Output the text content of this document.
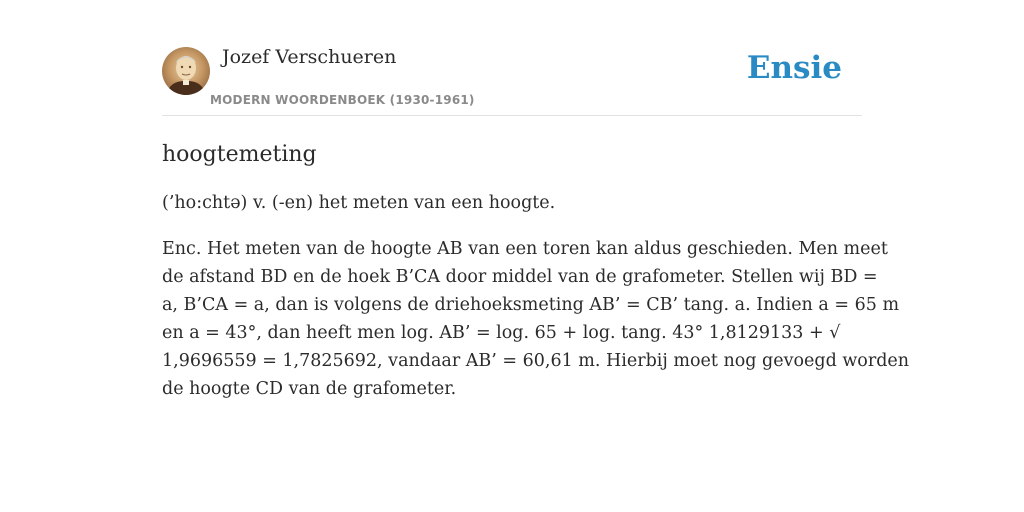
Jozef Verschueren
MODERN WOORDENBOEK (1930-1961)
Ensie
hoogtemeting

(’ho:chtə) v. (-en) het meten van een hoogte.

Enc. Het meten van de hoogte AB van een toren kan aldus geschieden. Men meet
de afstand BD en de hoek B’CA door middel van de grafometer. Stellen wij BD =
a, B’CA = a, dan is volgens de driehoeksmeting AB’ = CB’ tang. a. Indien a = 65 m
en a = 43°, dan heeft men log. AB’ = log. 65 + log. tang. 43° 1,8129133 + √
1,9696559 = 1,7825692, vandaar AB’ = 60,61 m. Hierbij moet nog gevoegd worden
de hoogte CD van de grafometer.
